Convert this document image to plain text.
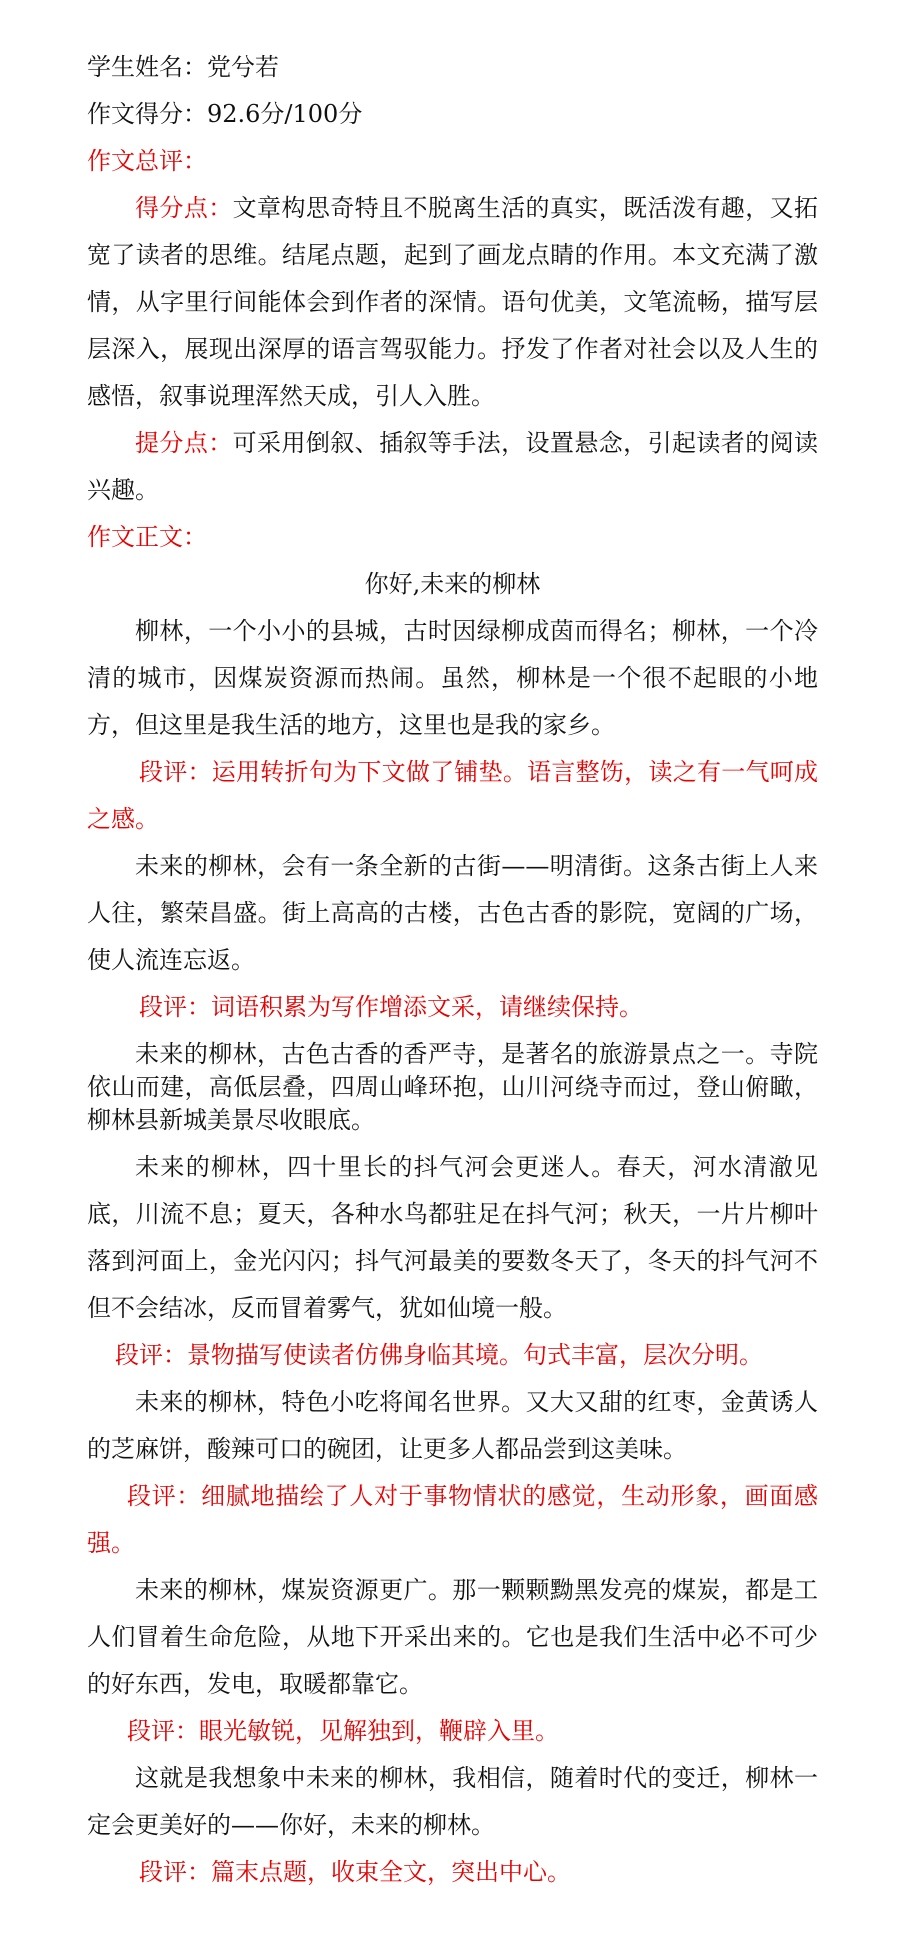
学生姓名：党兮若

作文得分：92.6分/100分

作文总评：

得分点：文章构思奇特且不脱离生活的真实，既活泼有趣，又拓宽了读者的思维。结尾点题，起到了画龙点睛的作用。本文充满了激情，从字里行间能体会到作者的深情。语句优美，文笔流畅，描写层层深入，展现出深厚的语言驾驭能力。抒发了作者对社会以及人生的感悟，叙事说理浑然天成，引人入胜。

提分点：可采用倒叙、插叙等手法，设置悬念，引起读者的阅读兴趣。

作文正文：

你好,未来的柳林

柳林，一个小小的县城，古时因绿柳成茵而得名；柳林，一个冷清的城市，因煤炭资源而热闹。虽然，柳林是一个很不起眼的小地方，但这里是我生活的地方，这里也是我的家乡。

段评：运用转折句为下文做了铺垫。语言整饬，读之有一气呵成之感。

未来的柳林，会有一条全新的古街——明清街。这条古街上人来人往，繁荣昌盛。街上高高的古楼，古色古香的影院，宽阔的广场，使人流连忘返。

段评：词语积累为写作增添文采，请继续保持。

未来的柳林，古色古香的香严寺，是著名的旅游景点之一。寺院依山而建，高低层叠，四周山峰环抱，山川河绕寺而过，登山俯瞰，柳林县新城美景尽收眼底。

未来的柳林，四十里长的抖气河会更迷人。春天，河水清澈见底，川流不息；夏天，各种水鸟都驻足在抖气河；秋天，一片片柳叶落到河面上，金光闪闪；抖气河最美的要数冬天了，冬天的抖气河不但不会结冰，反而冒着雾气，犹如仙境一般。

段评：景物描写使读者仿佛身临其境。句式丰富，层次分明。

未来的柳林，特色小吃将闻名世界。又大又甜的红枣，金黄诱人的芝麻饼，酸辣可口的碗团，让更多人都品尝到这美味。

段评：细腻地描绘了人对于事物情状的感觉，生动形象，画面感强。

未来的柳林，煤炭资源更广。那一颗颗黝黑发亮的煤炭，都是工人们冒着生命危险，从地下开采出来的。它也是我们生活中必不可少的好东西，发电，取暖都靠它。

段评：眼光敏锐，见解独到，鞭辟入里。

这就是我想象中未来的柳林，我相信，随着时代的变迁，柳林一定会更美好的——你好，未来的柳林。

段评：篇末点题，收束全文，突出中心。
